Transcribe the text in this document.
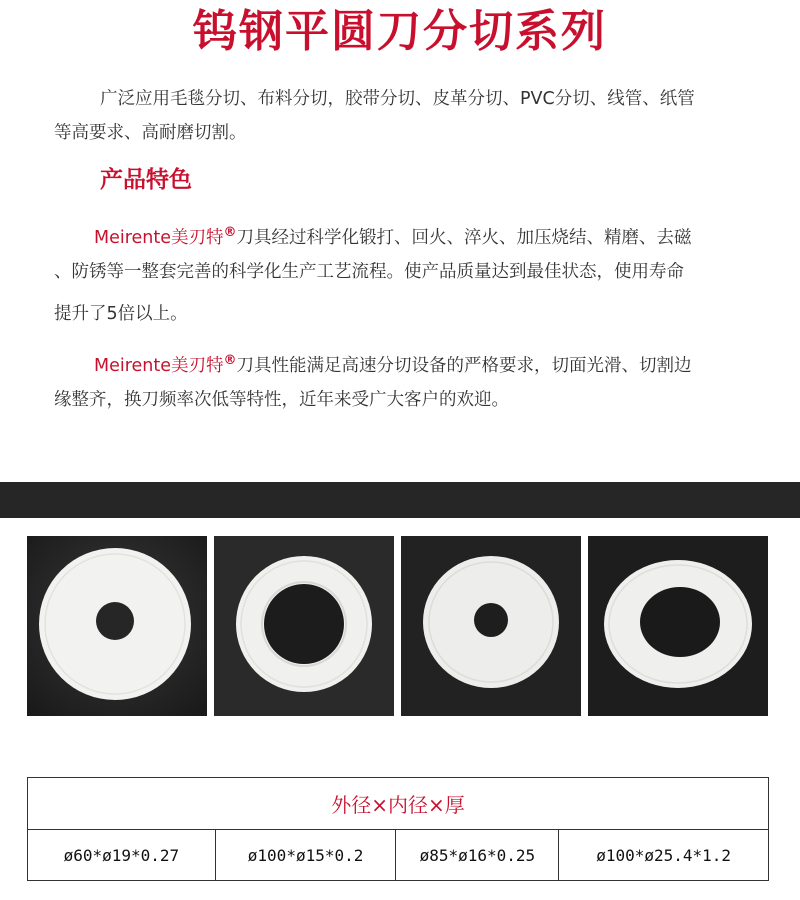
钨钢平圆刀分切系列
广泛应用毛毯分切、布料分切，胶带分切、皮革分切、PVC分切、线管、纸管
等高要求、高耐磨切割。
产品特色
Meirente美刃特®刀具经过科学化锻打、回火、淬火、加压烧结、精磨、去磁
、防锈等一整套完善的科学化生产工艺流程。使产品质量达到最佳状态，使用寿命
提升了5倍以上。
Meirente美刃特®刀具性能满足高速分切设备的严格要求，切面光滑、切割边
缘整齐，换刀频率次低等特性，近年来受广大客户的欢迎。
外径×内径×厚
ø60*ø19*0.27	ø100*ø15*0.2	ø85*ø16*0.25	ø100*ø25.4*1.2
